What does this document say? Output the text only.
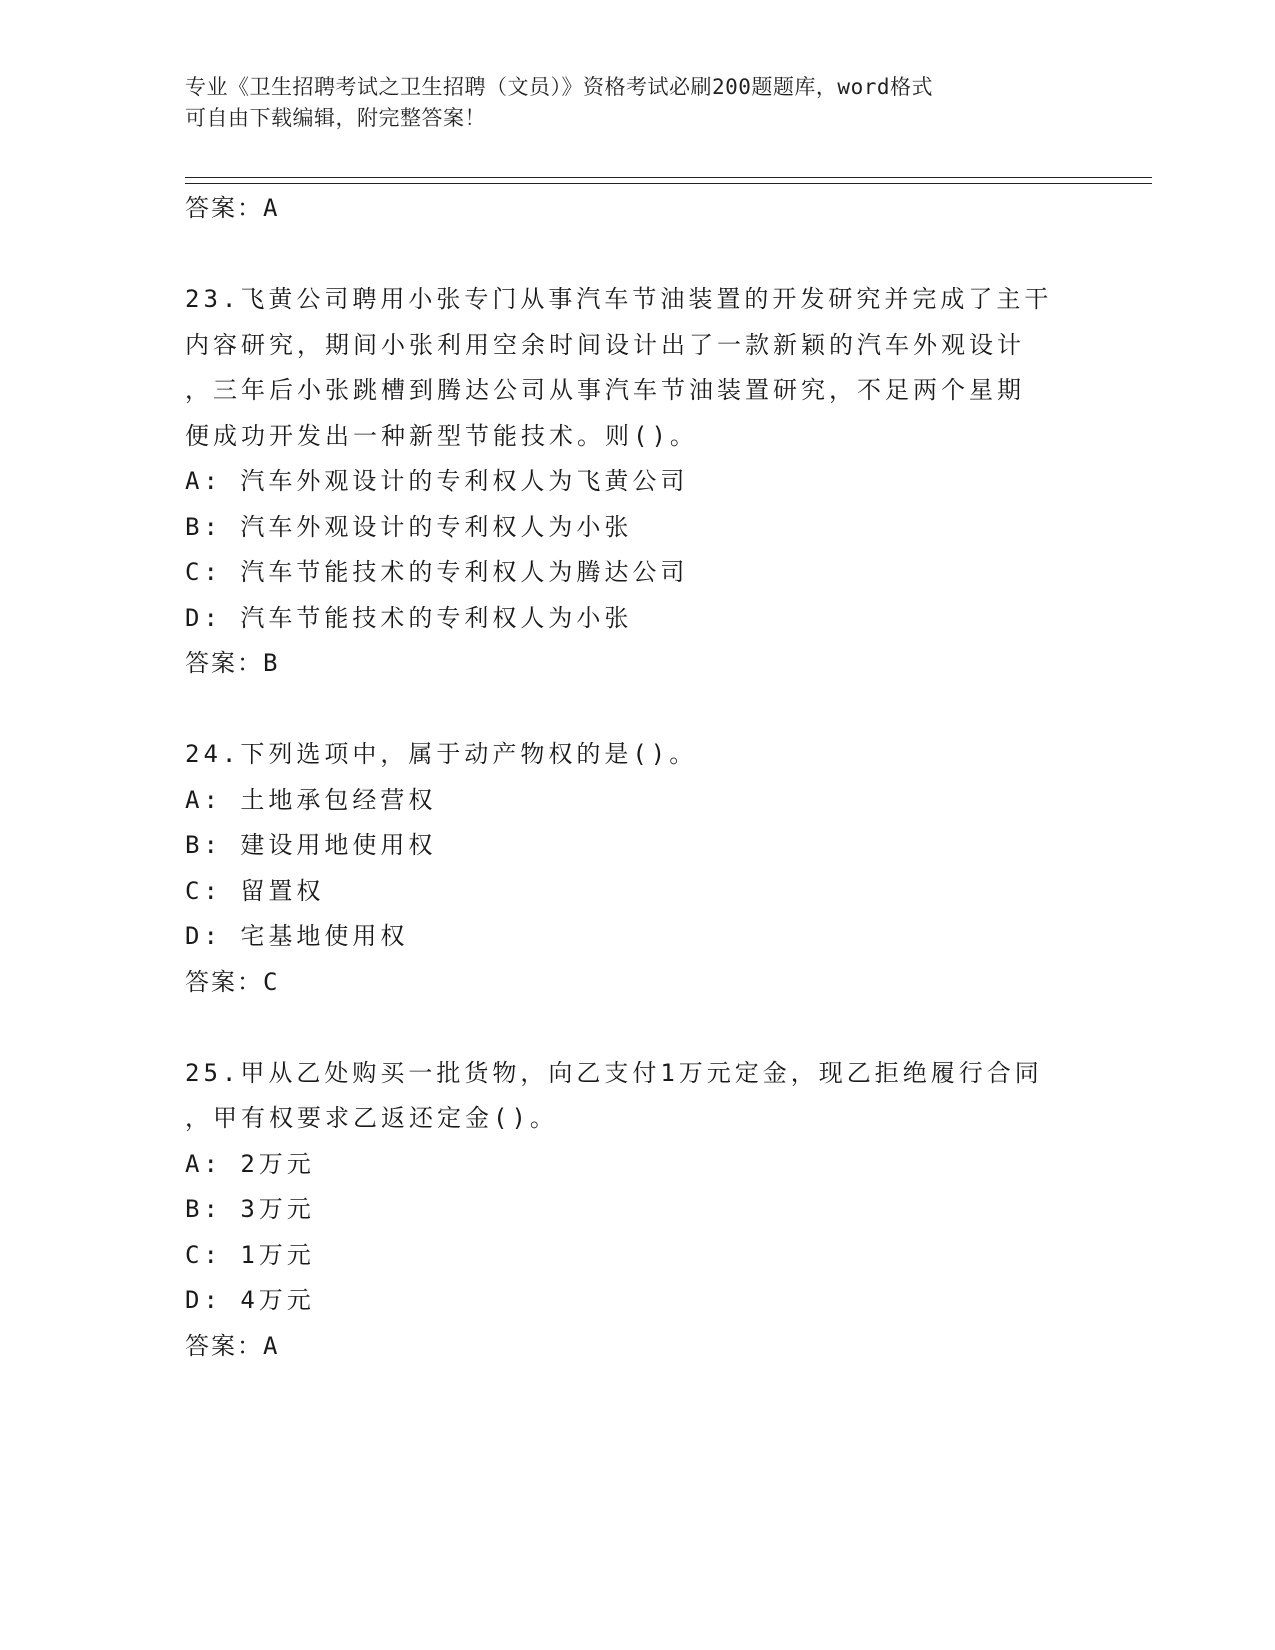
专业《卫生招聘考试之卫生招聘（文员）》资格考试必刷200题题库，word格式
可自由下载编辑，附完整答案！
答案：A
23.飞黄公司聘用小张专门从事汽车节油装置的开发研究并完成了主干
内容研究，期间小张利用空余时间设计出了一款新颖的汽车外观设计
，三年后小张跳槽到腾达公司从事汽车节油装置研究，不足两个星期
便成功开发出一种新型节能技术。则()。
A: 汽车外观设计的专利权人为飞黄公司
B: 汽车外观设计的专利权人为小张
C: 汽车节能技术的专利权人为腾达公司
D: 汽车节能技术的专利权人为小张
答案：B
24.下列选项中，属于动产物权的是()。
A: 土地承包经营权
B: 建设用地使用权
C: 留置权
D: 宅基地使用权
答案：C
25.甲从乙处购买一批货物，向乙支付1万元定金，现乙拒绝履行合同
，甲有权要求乙返还定金()。
A: 2万元
B: 3万元
C: 1万元
D: 4万元
答案：A
